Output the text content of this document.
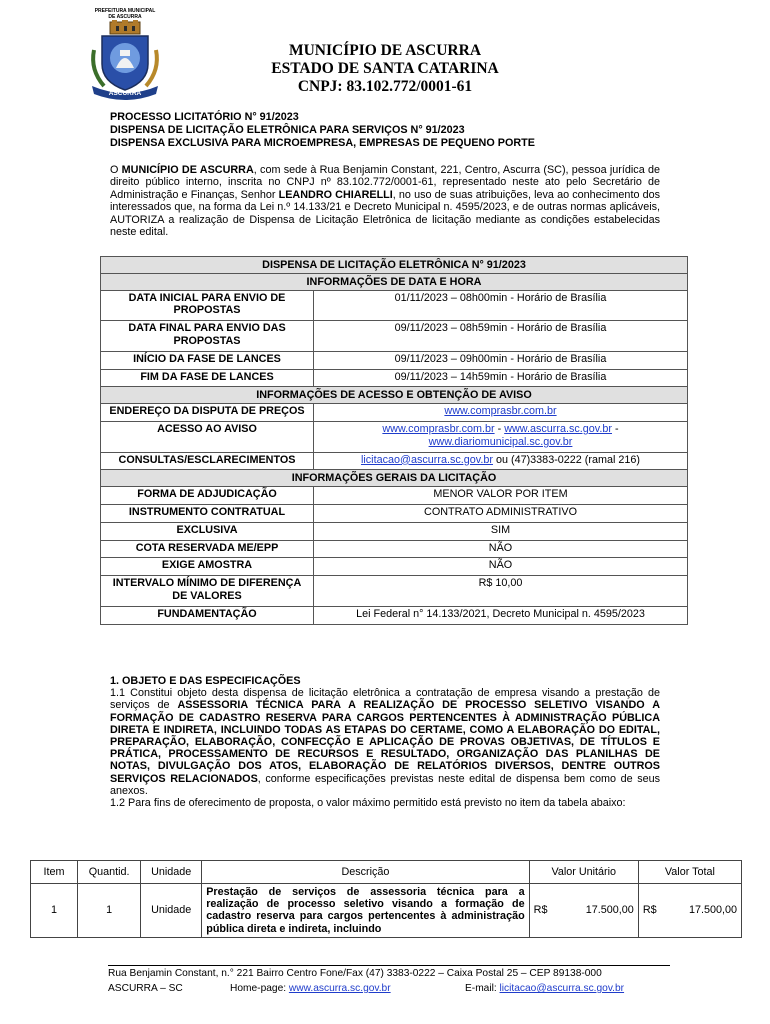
PREFEITURA MUNICIPAL
DE ASCURRA
ASCURRA
MUNICÍPIO DE ASCURRA
ESTADO DE SANTA CATARINA
CNPJ: 83.102.772/0001-61
PROCESSO LICITATÓRIO N° 91/2023
DISPENSA DE LICITAÇÃO ELETRÔNICA PARA SERVIÇOS N° 91/2023
DISPENSA EXCLUSIVA PARA MICROEMPRESA, EMPRESAS DE PEQUENO PORTE

O MUNICÍPIO DE ASCURRA, com sede à Rua Benjamin Constant, 221, Centro, Ascurra (SC), pessoa jurídica de direito público interno, inscrita no CNPJ nº 83.102.772/0001-61, representado neste ato pelo Secretário de Administração e Finanças, Senhor LEANDRO CHIARELLI, no uso de suas atribuições, leva ao conhecimento dos interessados que, na forma da Lei n.º 14.133/21 e Decreto Municipal n. 4595/2023, e de outras normas aplicáveis, AUTORIZA a realização de Dispensa de Licitação Eletrônica de licitação mediante as condições estabelecidas neste edital.

DISPENSA DE LICITAÇÃO ELETRÔNICA N° 91/2023	
INFORMAÇÕES DE DATA E HORA	
DATA INICIAL PARA ENVIO DE PROPOSTAS	01/11/2023 – 08h00min - Horário de Brasília
DATA FINAL PARA ENVIO DAS PROPOSTAS	09/11/2023 – 08h59min - Horário de Brasília
INÍCIO DA FASE DE LANCES	09/11/2023 – 09h00min - Horário de Brasília
FIM DA FASE DE LANCES	09/11/2023 – 14h59min - Horário de Brasília
INFORMAÇÕES DE ACESSO E OBTENÇÃO DE AVISO	
ENDEREÇO DA DISPUTA DE PREÇOS	www.comprasbr.com.br
ACESSO AO AVISO	www.comprasbr.com.br - www.ascurra.sc.gov.br -
www.diariomunicipal.sc.gov.br
CONSULTAS/ESCLARECIMENTOS	licitacao@ascurra.sc.gov.br ou (47)3383-0222 (ramal 216)
INFORMAÇÕES GERAIS DA LICITAÇÃO	
FORMA DE ADJUDICAÇÃO	MENOR VALOR POR ITEM
INSTRUMENTO CONTRATUAL	CONTRATO ADMINISTRATIVO
EXCLUSIVA	SIM
COTA RESERVADA ME/EPP	NÃO
EXIGE AMOSTRA	NÃO
INTERVALO MÍNIMO DE DIFERENÇA DE VALORES	R$ 10,00
FUNDAMENTAÇÃO	Lei Federal n° 14.133/2021, Decreto Municipal n. 4595/2023

1. OBJETO E DAS ESPECIFICAÇÕES

1.1 Constitui objeto desta dispensa de licitação eletrônica a contratação de empresa visando a prestação de serviços de ASSESSORIA TÉCNICA PARA A REALIZAÇÃO DE PROCESSO SELETIVO VISANDO A FORMAÇÃO DE CADASTRO RESERVA PARA CARGOS PERTENCENTES À ADMINISTRAÇÃO PÚBLICA DIRETA E INDIRETA, INCLUINDO TODAS AS ETAPAS DO CERTAME, COMO A ELABORAÇÃO DO EDITAL, PREPARAÇÃO, ELABORAÇÃO, CONFECÇÃO E APLICAÇÃO DE PROVAS OBJETIVAS, DE TÍTULOS E PRÁTICA, PROCESSAMENTO DE RECURSOS E RESULTADO, ORGANIZAÇÃO DAS PLANILHAS DE NOTAS, DIVULGAÇÃO DOS ATOS, ELABORAÇÃO DE RELATÓRIOS DIVERSOS, DENTRE OUTROS SERVIÇOS RELACIONADOS, conforme especificações previstas neste edital de dispensa bem como de seus anexos.

1.2 Para fins de oferecimento de proposta, o valor máximo permitido está previsto no item da tabela abaixo:

Item	Quantid.	Unidade	Descrição	Valor Unitário	Valor Total
1	1	Unidade	Prestação de serviços de assessoria técnica para a realização de processo seletivo visando a formação de cadastro reserva para cargos pertencentes à administração pública direta e indireta, incluindo	R$ 17.500,00	R$ 17.500,00
Rua Benjamin Constant, n.° 221 Bairro Centro Fone/Fax (47) 3383-0222 – Caixa Postal 25 – CEP 89138-000
ASCURRA – SC	Home-page: www.ascurra.sc.gov.br	E-mail: licitacao@ascurra.sc.gov.br
